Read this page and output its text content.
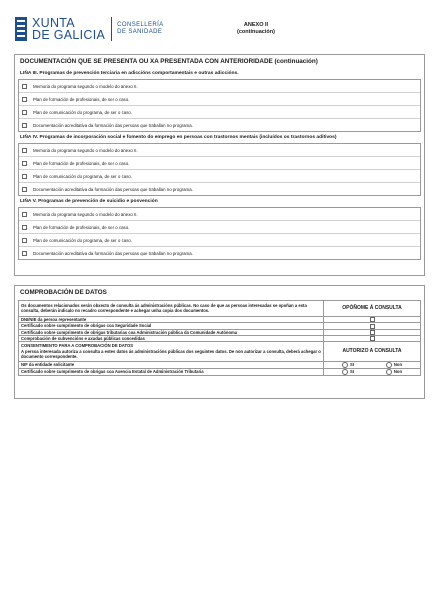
XUNTA
DE GALICIA
CONSELLERÍA
DE SANIDADE
ANEXO II
(continuación)
DOCUMENTACIÓN QUE SE PRESENTA OU XA PRESENTADA CON ANTERIORIDADE (continuación)
LIÑA III. Programas de prevención terciaria en adiccións comportamentais e outras adiccións.
Memoria do programa segundo o modelo do anexo II.
Plan de formación de profesionais, de ser o caso.
Plan de comunicación do programa, de ser o caso.
Documentación acreditativa da formación das persoas que traballan no programa.
LIÑA IV. Programas de incorporación social e fomento do emprego en persoas con trastornos mentais (incluídos os trastornos aditivos)
Memoria do programa segundo o modelo do anexo II.
Plan de formación de profesionais, de ser o caso.
Plan de comunicación do programa, de ser o caso.
Documentación acreditativa da formación das persoas que traballan no programa.
LIÑA V. Programas de prevención de suicidio e posvención
Memoria do programa segundo o modelo do anexo II.
Plan de formación de profesionais, de ser o caso.
Plan de comunicación do programa, de ser o caso.
Documentación acreditativa da formación das persoas que traballan no programa.
COMPROBACIÓN DE DATOS
Os documentos relacionados serán obxecto de consulta ás administracións públicas. No caso de que as persoas interesadas se opoñan a esta consulta, deberán indicalo no recadro correspondente e achegar unha copia dos documentos.	OPÓÑOME Á CONSULTA
DNI/NIE da persoa representante	
Certificado sobre cumprimento de obrigas coa Seguridade Social	
Certificado sobre cumprimento de obrigas tributarias coa Administración pública da Comunidade Autónoma	
Comprobación de subvencións e axudas públicas concedidas	

CONSENTIMENTO PARA A COMPROBACIÓN DE DATOS
A persoa interesada autoriza a consulta a estes datos ás administracións públicas dos seguintes datos. De non autorizar a consulta, deberá achegar o documento correspondente.	AUTORIZO A CONSULTA
NIF da entidade solicitante	SI Non

Certificado sobre cumprimento de obrigas coa Axencia Estatal de Administración Tributaria	SI Non
